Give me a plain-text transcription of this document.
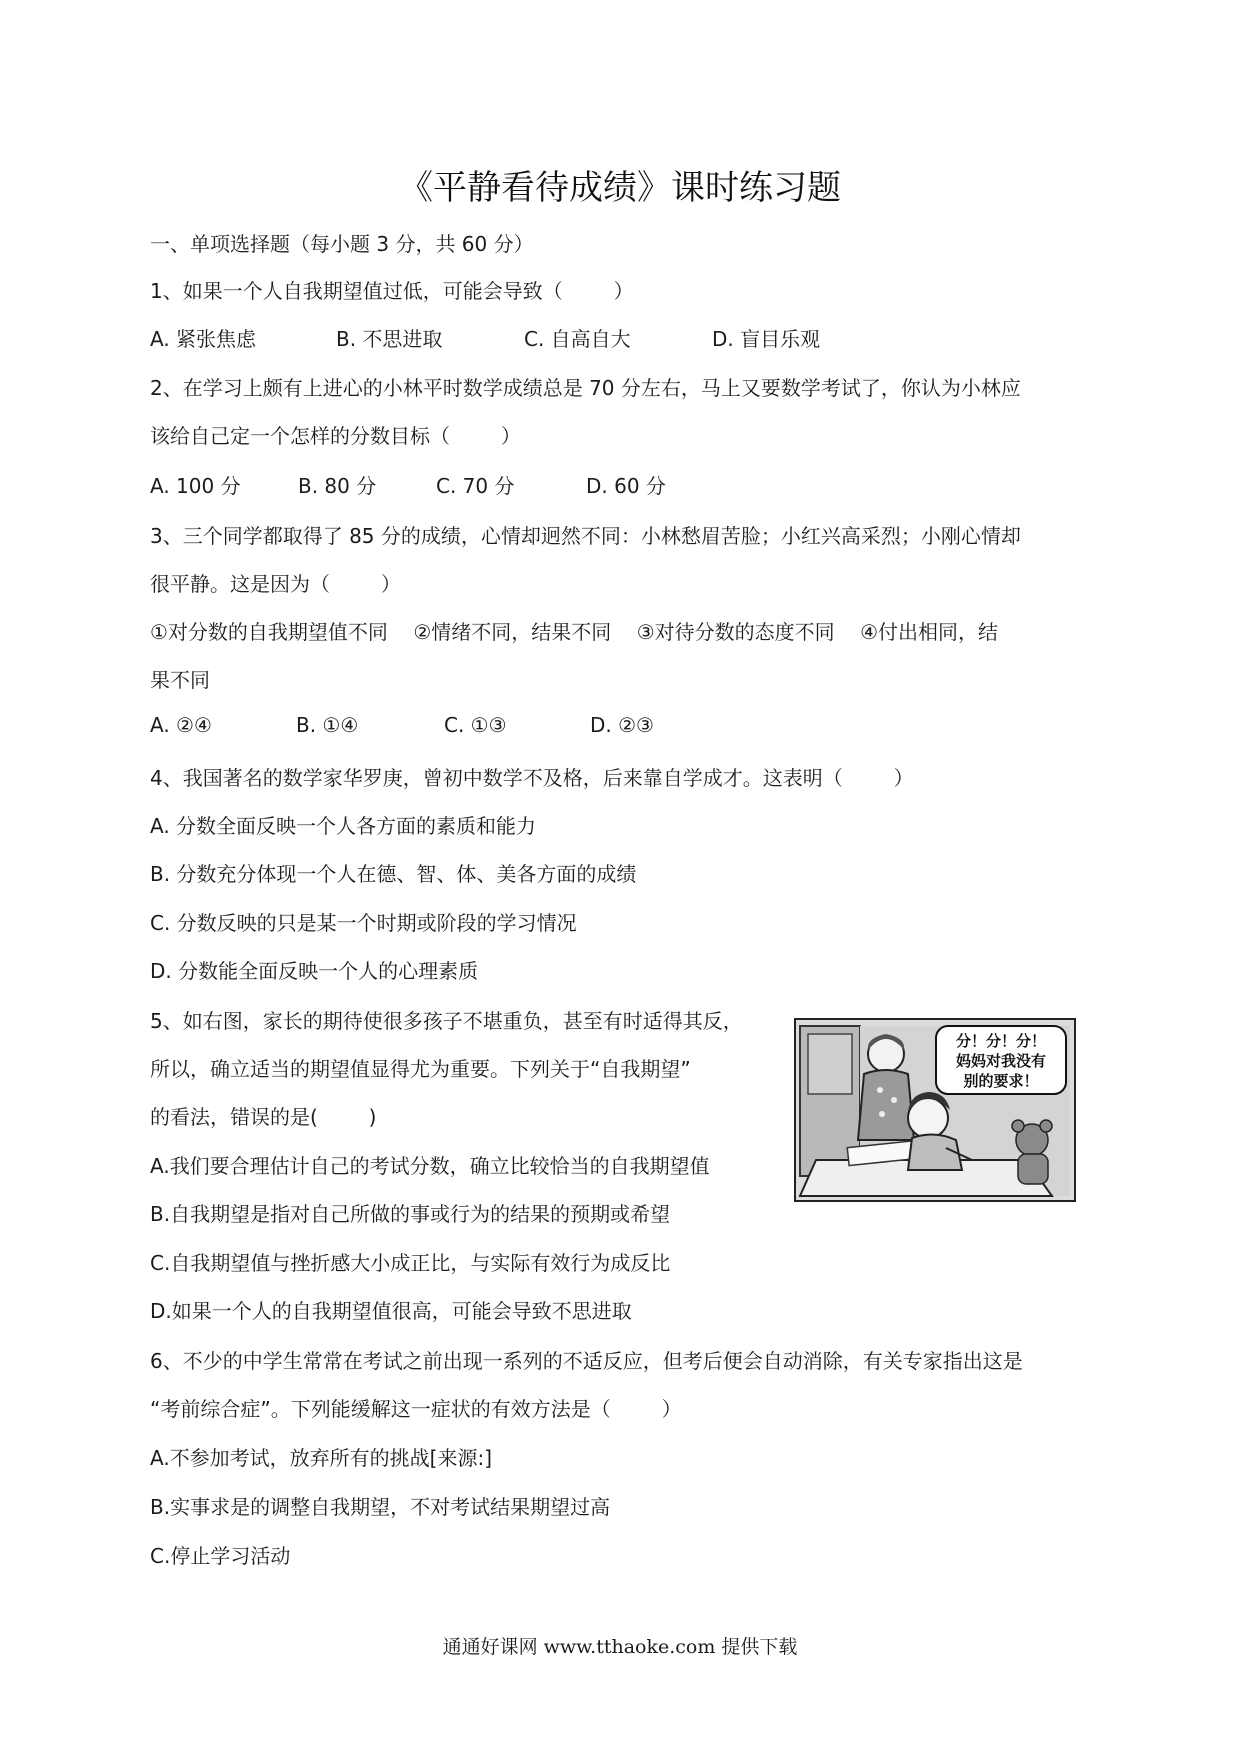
《平静看待成绩》课时练习题
一、单项选择题（每小题 3 分，共 60 分）
1、如果一个人自我期望值过低，可能会导致（        ）
A. 紧张焦虑	B. 不思进取	C. 自高自大	D. 盲目乐观
2、在学习上颇有上进心的小林平时数学成绩总是 70 分左右，马上又要数学考试了，你认为小林应
该给自己定一个怎样的分数目标（        ）
A. 100 分	B. 80 分	C. 70 分	D. 60 分
3、三个同学都取得了 85 分的成绩，心情却迥然不同：小林愁眉苦脸；小红兴高采烈；小刚心情却
很平静。这是因为（        ）
①对分数的自我期望值不同    ②情绪不同，结果不同    ③对待分数的态度不同    ④付出相同，结
果不同
A. ②④	B. ①④	C. ①③	D. ②③
4、我国著名的数学家华罗庚，曾初中数学不及格，后来靠自学成才。这表明（        ）
A. 分数全面反映一个人各方面的素质和能力
B. 分数充分体现一个人在德、智、体、美各方面的成绩
C. 分数反映的只是某一个时期或阶段的学习情况
D. 分数能全面反映一个人的心理素质
5、如右图，家长的期待使很多孩子不堪重负，甚至有时适得其反，
所以，确立适当的期望值显得尤为重要。下列关于“自我期望”
的看法，错误的是(        )
A.我们要合理估计自己的考试分数，确立比较恰当的自我期望值
B.自我期望是指对自己所做的事或行为的结果的预期或希望
C.自我期望值与挫折感大小成正比，与实际有效行为成反比
D.如果一个人的自我期望值很高，可能会导致不思进取
分！分！分！
妈妈对我没有
别的要求！
6、不少的中学生常常在考试之前出现一系列的不适反应，但考后便会自动消除，有关专家指出这是
“考前综合症”。下列能缓解这一症状的有效方法是（        ）
A.不参加考试，放弃所有的挑战[来源:]
B.实事求是的调整自我期望，不对考试结果期望过高
C.停止学习活动
通通好课网 www.tthaoke.com 提供下载
